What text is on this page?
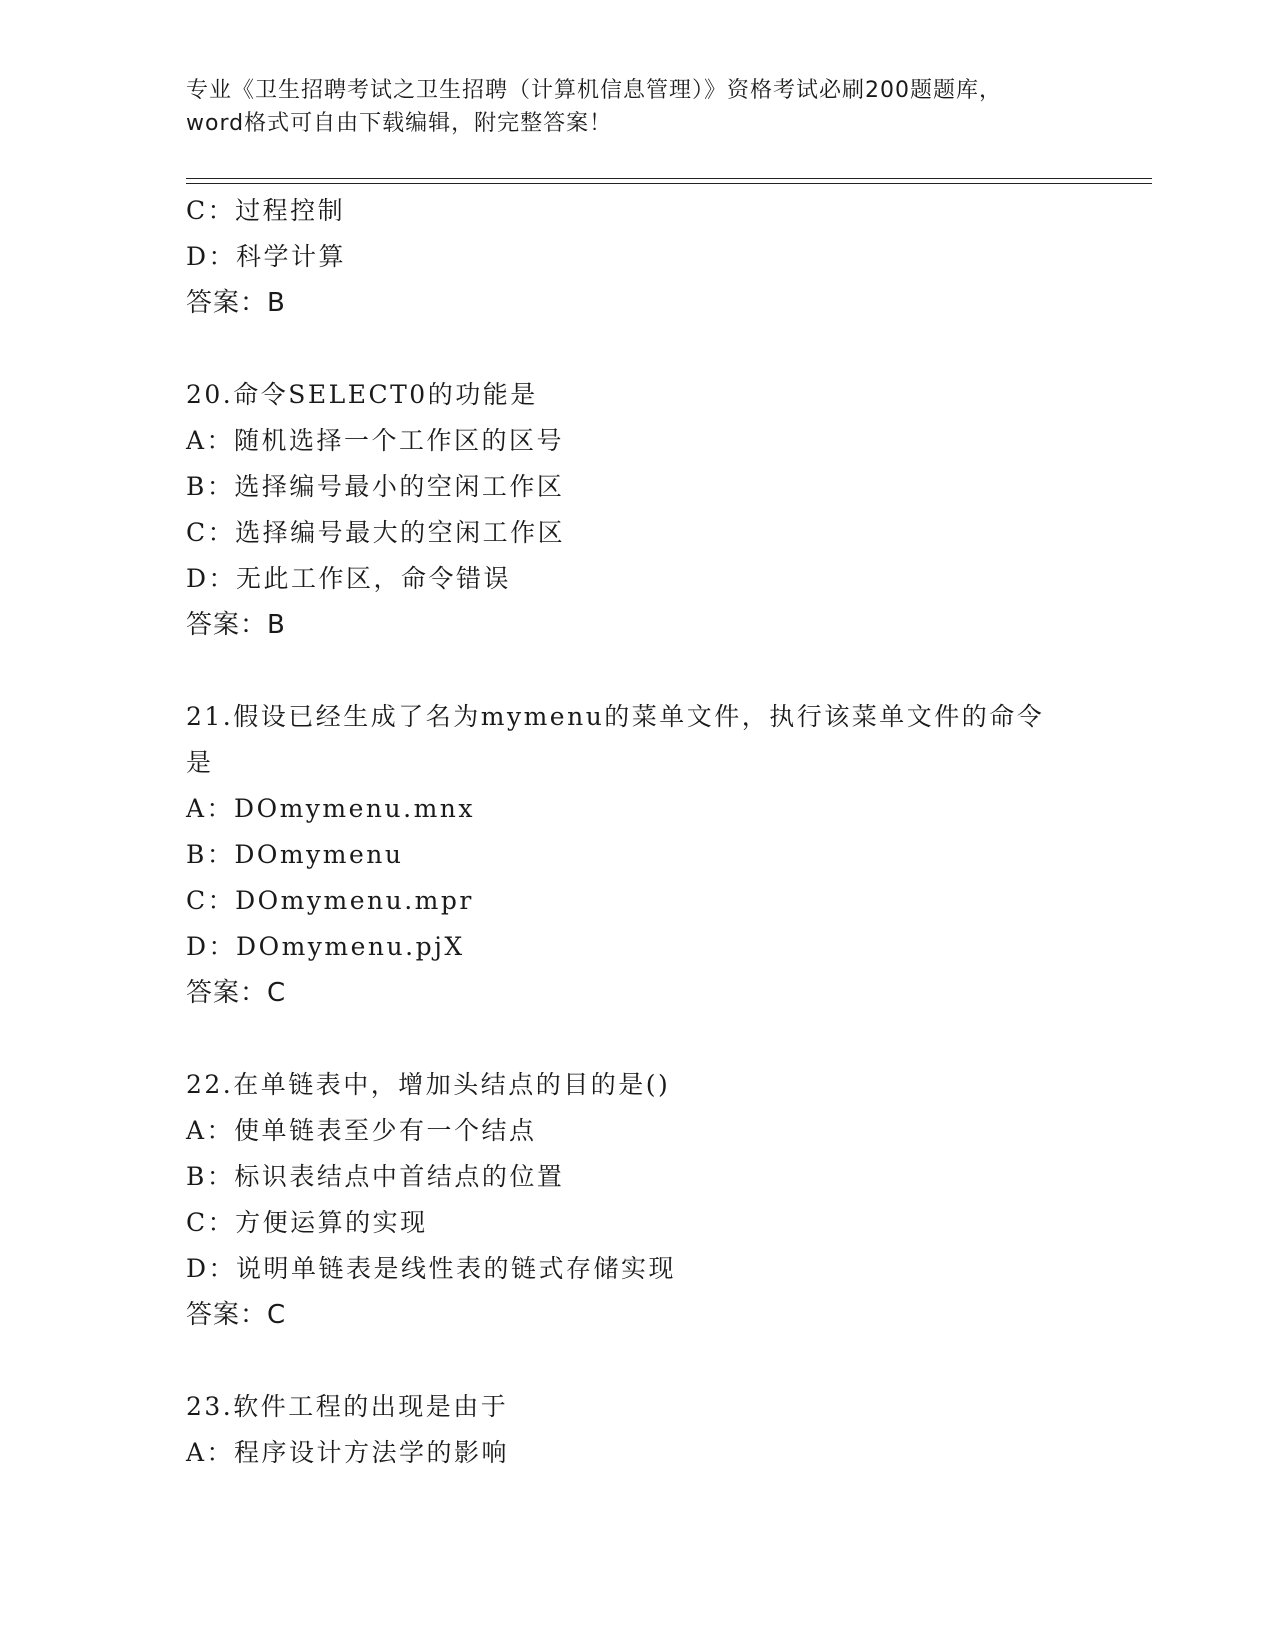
专业《卫生招聘考试之卫生招聘（计算机信息管理）》资格考试必刷200题题库，
word格式可自由下载编辑，附完整答案！

C：过程控制

D：科学计算

答案：B

20.命令SELECT0的功能是

A：随机选择一个工作区的区号

B：选择编号最小的空闲工作区

C：选择编号最大的空闲工作区

D：无此工作区，命令错误

答案：B

21.假设已经生成了名为mymenu的菜单文件，执行该菜单文件的命令是

A：DOmymenu.mnx

B：DOmymenu

C：DOmymenu.mpr

D：DOmymenu.pjX

答案：C

22.在单链表中，增加头结点的目的是()

A：使单链表至少有一个结点

B：标识表结点中首结点的位置

C：方便运算的实现

D：说明单链表是线性表的链式存储实现

答案：C

23.软件工程的出现是由于

A：程序设计方法学的影响
